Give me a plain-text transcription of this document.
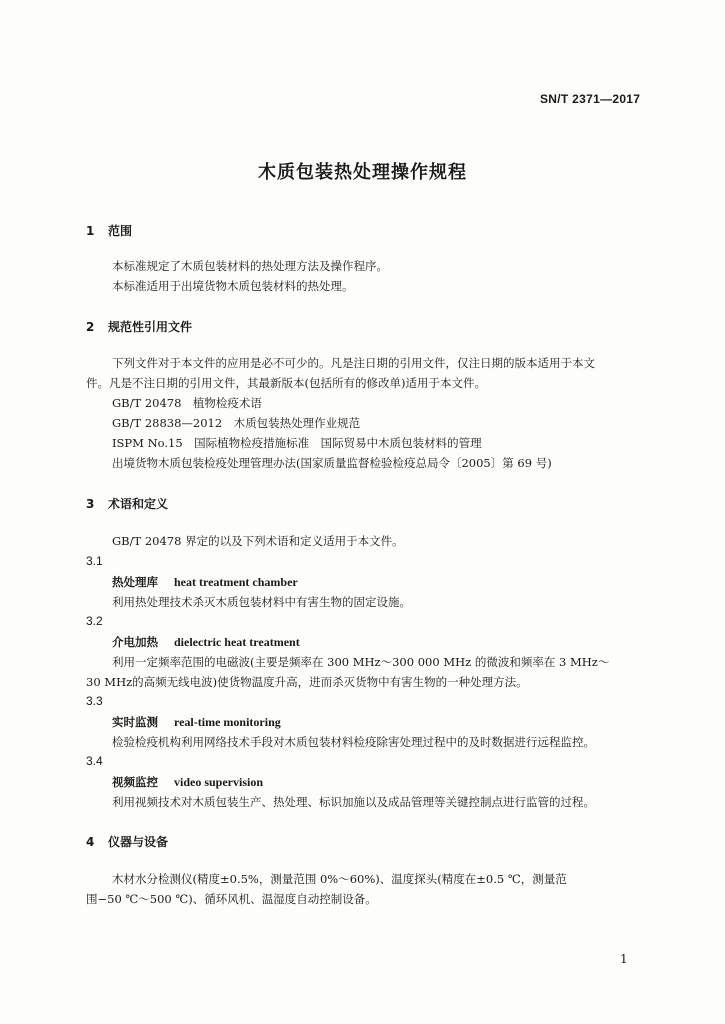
SN/T 2371—2017
木质包装热处理操作规程
1 范围
本标准规定了木质包装材料的热处理方法及操作程序。
本标准适用于出境货物木质包装材料的热处理。
2 规范性引用文件
下列文件对于本文件的应用是必不可少的。凡是注日期的引用文件，仅注日期的版本适用于本文
件。凡是不注日期的引用文件，其最新版本(包括所有的修改单)适用于本文件。
GB/T 20478　植物检疫术语
GB/T 28838—2012　木质包装热处理作业规范
ISPM No.15　国际植物检疫措施标准　国际贸易中木质包装材料的管理
出境货物木质包装检疫处理管理办法(国家质量监督检验检疫总局令〔2005〕第 69 号)
3 术语和定义
GB/T 20478 界定的以及下列术语和定义适用于本文件。
3.1
热处理库 heat treatment chamber
利用热处理技术杀灭木质包装材料中有害生物的固定设施。
3.2
介电加热 dielectric heat treatment
利用一定频率范围的电磁波(主要是频率在 300 MHz～300 000 MHz 的微波和频率在 3 MHz～
30 MHz的高频无线电波)使货物温度升高，进而杀灭货物中有害生物的一种处理方法。
3.3
实时监测 real-time monitoring
检验检疫机构利用网络技术手段对木质包装材料检疫除害处理过程中的及时数据进行远程监控。
3.4
视频监控 video supervision
利用视频技术对木质包装生产、热处理、标识加施以及成品管理等关键控制点进行监管的过程。
4 仪器与设备
木材水分检测仪(精度±0.5%，测量范围 0%～60%)、温度探头(精度在±0.5 ℃，测量范
围−50 ℃～500 ℃)、循环风机、温湿度自动控制设备。
1
